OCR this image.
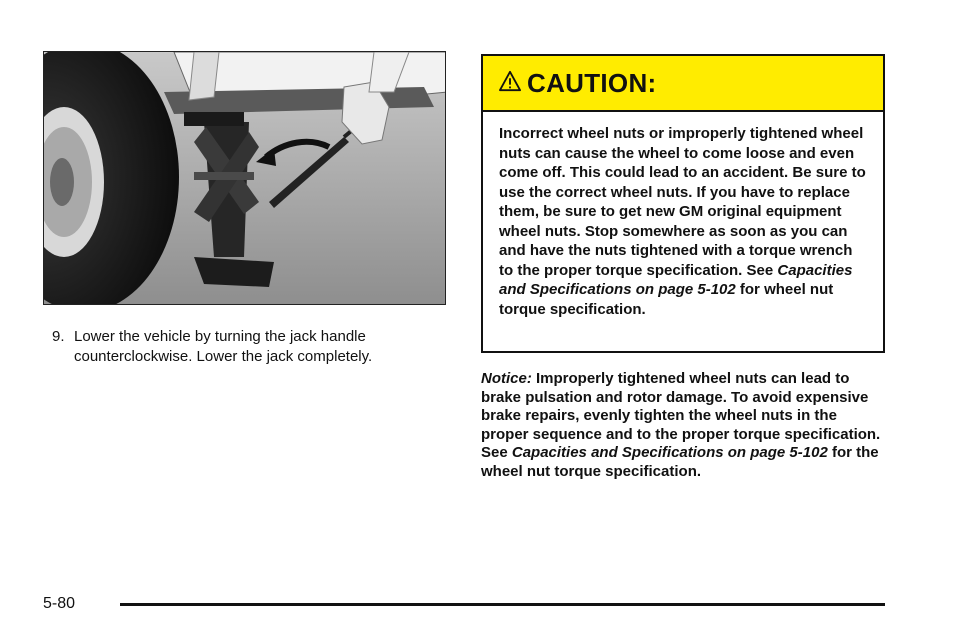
9. Lower the vehicle by turning the jack handle counterclockwise. Lower the jack completely.
CAUTION:
Incorrect wheel nuts or improperly tightened wheel nuts can cause the wheel to come loose and even come off. This could lead to an accident. Be sure to use the correct wheel nuts. If you have to replace them, be sure to get new GM original equipment wheel nuts. Stop somewhere as soon as you can and have the nuts tightened with a torque wrench to the proper torque specification. See Capacities and Specifications on page 5-102 for wheel nut torque specification.
Notice: Improperly tightened wheel nuts can lead to brake pulsation and rotor damage. To avoid expensive brake repairs, evenly tighten the wheel nuts in the proper sequence and to the proper torque specification. See Capacities and Specifications on page 5-102 for the wheel nut torque specification.
5-80
